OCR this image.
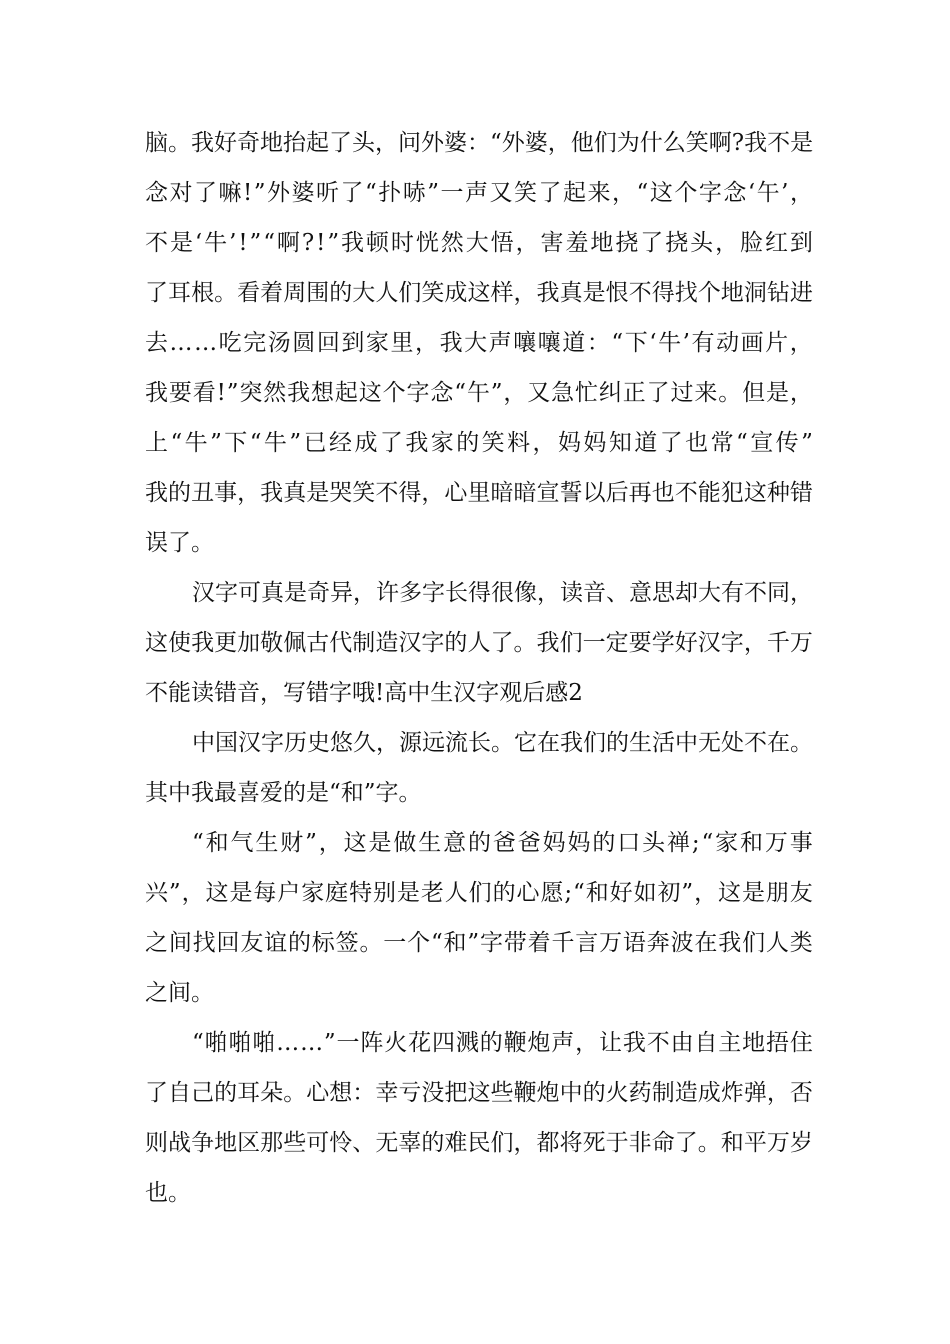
脑 。 我 好 奇 地 抬 起 了 头 ， 问 外 婆 ： “ 外 婆 ， 他 们 为 什 么 笑 啊 ? 我 不 是
念 对 了 嘛 ! ” 外 婆 听 了 “ 扑 哧 ” 一 声 又 笑 了 起 来 ， “ 这 个 字 念 ‘ 午 ’ ，
不 是 ‘ 牛 ’ ! ” “ 啊 ? ! ” 我 顿 时 恍 然 大 悟 ， 害 羞 地 挠 了 挠 头 ， 脸 红 到
了 耳 根 。 看 着 周 围 的 大 人 们 笑 成 这 样 ， 我 真 是 恨 不 得 找 个 地 洞 钻 进
去 … … 吃 完 汤 圆 回 到 家 里 ， 我 大 声 嚷 嚷 道 ： “ 下 ‘ 牛 ’ 有 动 画 片 ，
我 要 看 ! ” 突 然 我 想 起 这 个 字 念 “ 午 ” ， 又 急 忙 纠 正 了 过 来 。 但 是 ，
上 “ 牛 ” 下 “ 牛 ” 已 经 成 了 我 家 的 笑 料 ， 妈 妈 知 道 了 也 常 “ 宣 传 ”
我 的 丑 事 ， 我 真 是 哭 笑 不 得 ， 心 里 暗 暗 宣 誓 以 后 再 也 不 能 犯 这 种 错
误了。
汉 字 可 真 是 奇 异 ， 许 多 字 长 得 很 像 ， 读 音 、 意 思 却 大 有 不 同 ，
这 使 我 更 加 敬 佩 古 代 制 造 汉 字 的 人 了 。 我 们 一 定 要 学 好 汉 字 ， 千 万
不能读错音，写错字哦!高中生汉字观后感2
中 国 汉 字 历 史 悠 久 ， 源 远 流 长 。 它 在 我 们 的 生 活 中 无 处 不 在 。
其中我最喜爱的是“和”字。
“ 和 气 生 财 ” ， 这 是 做 生 意 的 爸 爸 妈 妈 的 口 头 禅 ; “ 家 和 万 事
兴 ” ， 这 是 每 户 家 庭 特 别 是 老 人 们 的 心 愿 ; “ 和 好 如 初 ” ， 这 是 朋 友
之 间 找 回 友 谊 的 标 签 。 一 个 “ 和 ” 字 带 着 千 言 万 语 奔 波 在 我 们 人 类
之间。
“ 啪 啪 啪 … … ” 一 阵 火 花 四 溅 的 鞭 炮 声 ， 让 我 不 由 自 主 地 捂 住
了 自 己 的 耳 朵 。 心 想 ： 幸 亏 没 把 这 些 鞭 炮 中 的 火 药 制 造 成 炸 弹 ， 否
则 战 争 地 区 那 些 可 怜 、 无 辜 的 难 民 们 ， 都 将 死 于 非 命 了 。 和 平 万 岁
也。
